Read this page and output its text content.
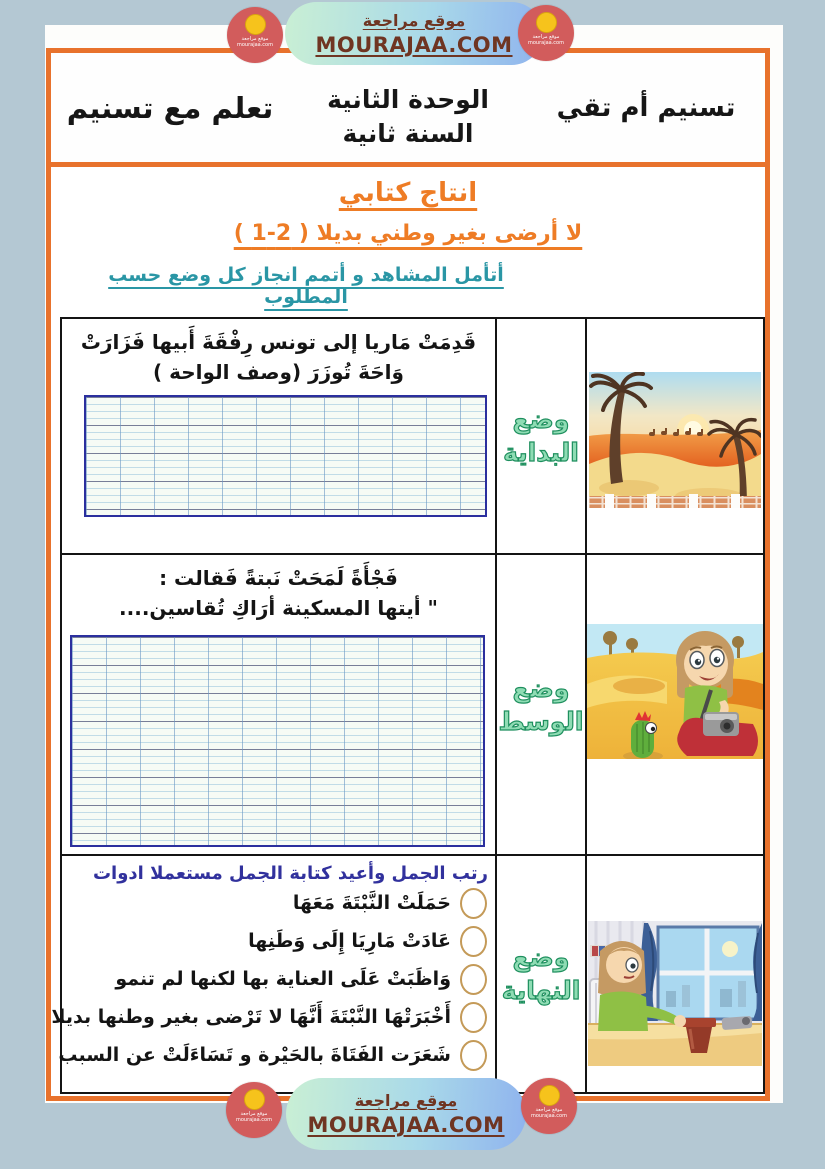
تعلم مع تسنيم	الوحدة الثانية
السنة ثانية
تسنيم أم تقي
انتاج كتابي
لا أرضى بغير وطني بديلا ( 2-1 )
أتأمل المشاهد و أتمم انجاز كل وضع حسب المطلوب
قَدِمَتْ مَاريا إلى تونس رِفْقَةَ أَبيها فَزَارَتْ
وَاحَةَ تُوزَرَ (وصف الواحة )
وضع
البداية
فَجْأَةً لَمَحَتْ نَبتةً فَقالت :
" أيتها المسكينة أرَاكِ تُقاسين....
وضع
الوسط
رتب الجمل وأعيد كتابة الجمل مستعملا ادوات
حَمَلَتْ النَّبْتَةَ مَعَهَا
عَادَتْ مَارِيَا إِلَى وَطَنِها
وَاظَبَتْ عَلَى العناية بها لكنها لم تنمو
أَخْبَرَتْهَا النَّبْتَةَ أَنَّهَا لا تَرْضى بغير وطنها بديلا
شَعَرَت الفَتَاةَ بالحَيْرة و تَسَاءَلَتْ عن السبب
وضع
النهاية
موقع مراجعة
MOURAJAA.COM
موقع مراجعة
mourajaa.com
موقع مراجعة
mourajaa.com
موقع مراجعة
MOURAJAA.COM
موقع مراجعة
mourajaa.com
موقع مراجعة
mourajaa.com
